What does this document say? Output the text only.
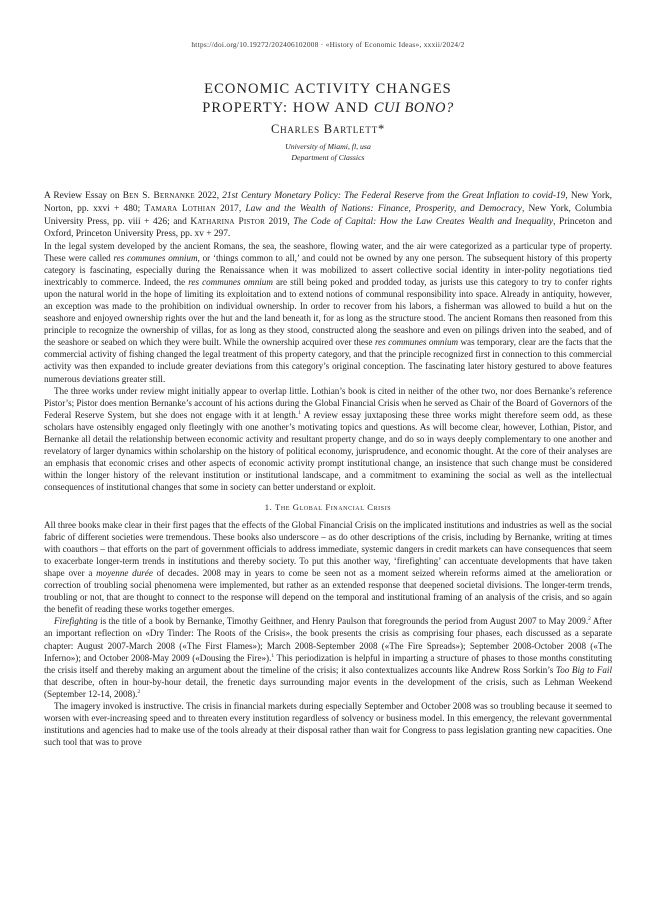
https://doi.org/10.19272/202406102008 · «History of Economic Ideas», xxxii/2024/2
ECONOMIC ACTIVITY CHANGES
PROPERTY: HOW AND CUI BONO?
Charles Bartlett*
University of Miami, fl, usa
Department of Classics
A Review Essay on Ben S. Bernanke 2022, 21st Century Monetary Policy: The Federal Reserve from the Great Inflation to covid-19, New York, Norton, pp. xxvi + 480; Tamara Lothian 2017, Law and the Wealth of Nations: Finance, Prosperity, and Democracy, New York, Columbia University Press, pp. viii + 426; and Katharina Pistor 2019, The Code of Capital: How the Law Creates Wealth and Inequality, Princeton and Oxford, Princeton University Press, pp. xv + 297.

In the legal system developed by the ancient Romans, the sea, the seashore, flowing water, and the air were categorized as a particular type of property. These were called res communes omnium, or ‘things common to all,’ and could not be owned by any one person. The subsequent history of this property category is fascinating, especially during the Renaissance when it was mobilized to assert collective social identity in inter-polity negotiations tied inextricably to commerce. Indeed, the res communes omnium are still being poked and prodded today, as jurists use this category to try to confer rights upon the natural world in the hope of limiting its exploitation and to extend notions of communal responsibility into space. Already in antiquity, however, an exception was made to the prohibition on individual ownership. In order to recover from his labors, a fisherman was allowed to build a hut on the seashore and enjoyed ownership rights over the hut and the land beneath it, for as long as the structure stood. The ancient Romans then reasoned from this principle to recognize the ownership of villas, for as long as they stood, constructed along the seashore and even on pilings driven into the seabed, and of the seashore or seabed on which they were built. While the ownership acquired over these res communes omnium was temporary, clear are the facts that the commercial activity of fishing changed the legal treatment of this property category, and that the principle recognized first in connection to this commercial activity was then expanded to include greater deviations from this category’s original conception. The fascinating later history gestured to above features numerous deviations greater still.

The three works under review might initially appear to overlap little. Lothian’s book is cited in neither of the other two, nor does Bernanke’s reference Pistor’s; Pistor does mention Bernanke’s account of his actions during the Global Financial Crisis when he served as Chair of the Board of Governors of the Federal Reserve System, but she does not engage with it at length.$^1$ A review essay juxtaposing these three works might therefore seem odd, as these scholars have ostensibly engaged only fleetingly with one another’s motivating topics and questions. As will become clear, however, Lothian, Pistor, and Bernanke all detail the relationship between economic activity and resultant property change, and do so in ways deeply complementary to one another and revelatory of larger dynamics within scholarship on the history of political economy, jurisprudence, and economic thought. At the core of their analyses are an emphasis that economic crises and other aspects of economic activity prompt institutional change, an insistence that such change must be considered within the longer history of the relevant institution or institutional landscape, and a commitment to examining the social as well as the intellectual consequences of institutional changes that some in society can better understand or exploit.

1. The Global Financial Crisis

All three books make clear in their first pages that the effects of the Global Financial Crisis on the implicated institutions and industries as well as the social fabric of different societies were tremendous. These books also underscore – as do other descriptions of the crisis, including by Bernanke, writing at times with coauthors – that efforts on the part of government officials to address immediate, systemic dangers in credit markets can have consequences that seem to exacerbate longer-term trends in institutions and thereby society. To put this another way, ‘firefighting’ can accentuate developments that have taken shape over a moyenne durée of decades. 2008 may in years to come be seen not as a moment seized wherein reforms aimed at the amelioration or correction of troubling social phenomena were implemented, but rather as an extended response that deepened societal divisions. The longer-term trends, troubling or not, that are thought to connect to the response will depend on the temporal and institutional framing of an analysis of the crisis, and so again the benefit of reading these works together emerges.

Firefighting is the title of a book by Bernanke, Timothy Geithner, and Henry Paulson that foregrounds the period from August 2007 to May 2009.$^2$ After an important reflection on «Dry Tinder: The Roots of the Crisis», the book presents the crisis as comprising four phases, each discussed as a separate chapter: August 2007-March 2008 («The First Flames»); March 2008-September 2008 («The Fire Spreads»); September 2008-October 2008 («The Inferno»); and October 2008-May 2009 («Dousing the Fire»).$^1$ This periodization is helpful in imparting a structure of phases to those months constituting the crisis itself and thereby making an argument about the timeline of the crisis; it also contextualizes accounts like Andrew Ross Sorkin’s Too Big to Fail that describe, often in hour-by-hour detail, the frenetic days surrounding major events in the development of the crisis, such as Lehman Weekend (September 12-14, 2008).$^2$

The imagery invoked is instructive. The crisis in financial markets during especially September and October 2008 was so troubling because it seemed to worsen with ever-increasing speed and to threaten every institution regardless of solvency or business model. In this emergency, the relevant governmental institutions and agencies had to make use of the tools already at their disposal rather than wait for Congress to pass legislation granting new capacities. One such tool that was to prove
